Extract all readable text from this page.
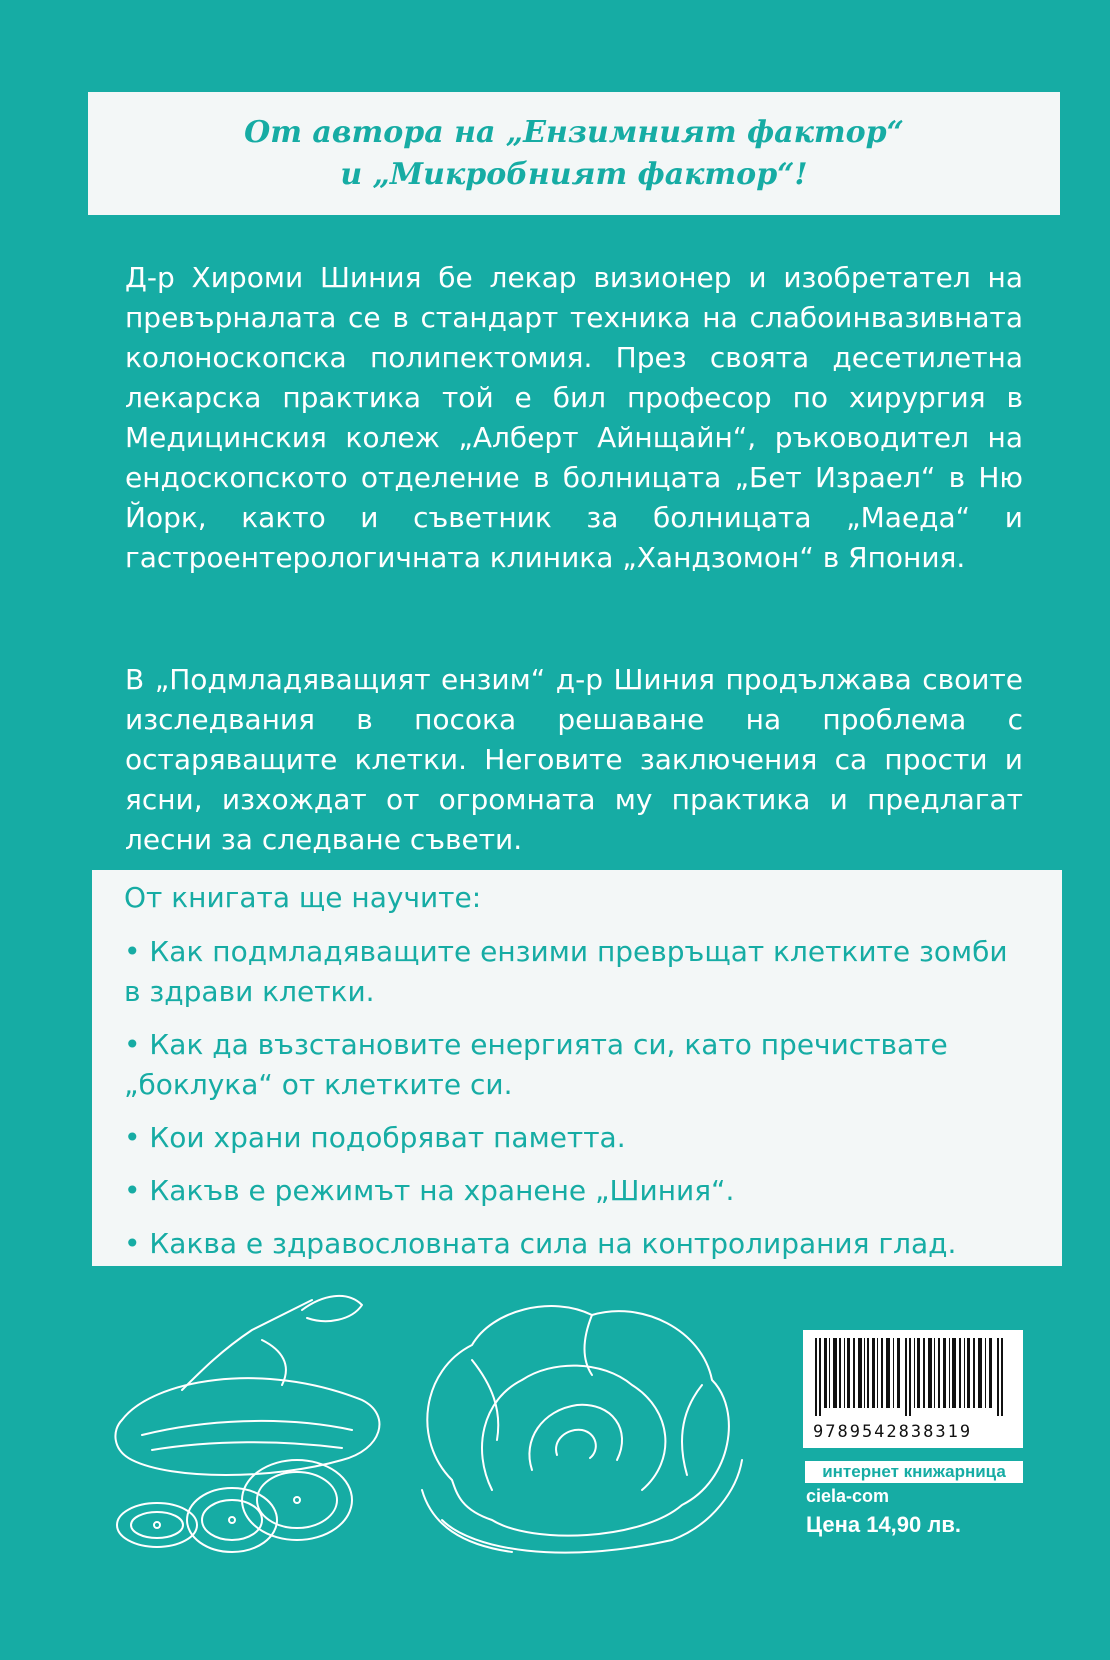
От автора на „Ензимният фактор“
и „Микробният фактор“!

Д-р Хироми Шиния бе лекар визионер и изобретател на превърналата се в стандарт техника на слабоинвазивната колоноскопска полипектомия. През своята десетилетна лекарска практика той е бил професор по хирургия в Медицинския колеж „Алберт Айнщайн“, ръководител на ендоскопското отделение в болницата „Бет Израел“ в Ню Йорк, както и съветник за болницата „Маеда“ и гастроентерологичната клиника „Хандзомон“ в Япония.

В „Подмладяващият ензим“ д-р Шиния продължава своите изследвания в посока решаване на проблема с остаряващите клетки. Неговите заключения са прости и ясни, изхождат от огромната му практика и предлагат лесни за следване съвети.

От книгата ще научите:
• Как подмладяващите ензими превръщат клетките зомби в здрави клетки.
• Как да възстановите енергията си, като пречиствате „боклука“ от клетките си.
• Кои храни подобряват паметта.
• Какъв е режимът на хранене „Шиния“.
• Каква е здравословната сила на контролирания глад.
9789542838319
интернет книжарница
ciela-com
Цена 14,90 лв.
